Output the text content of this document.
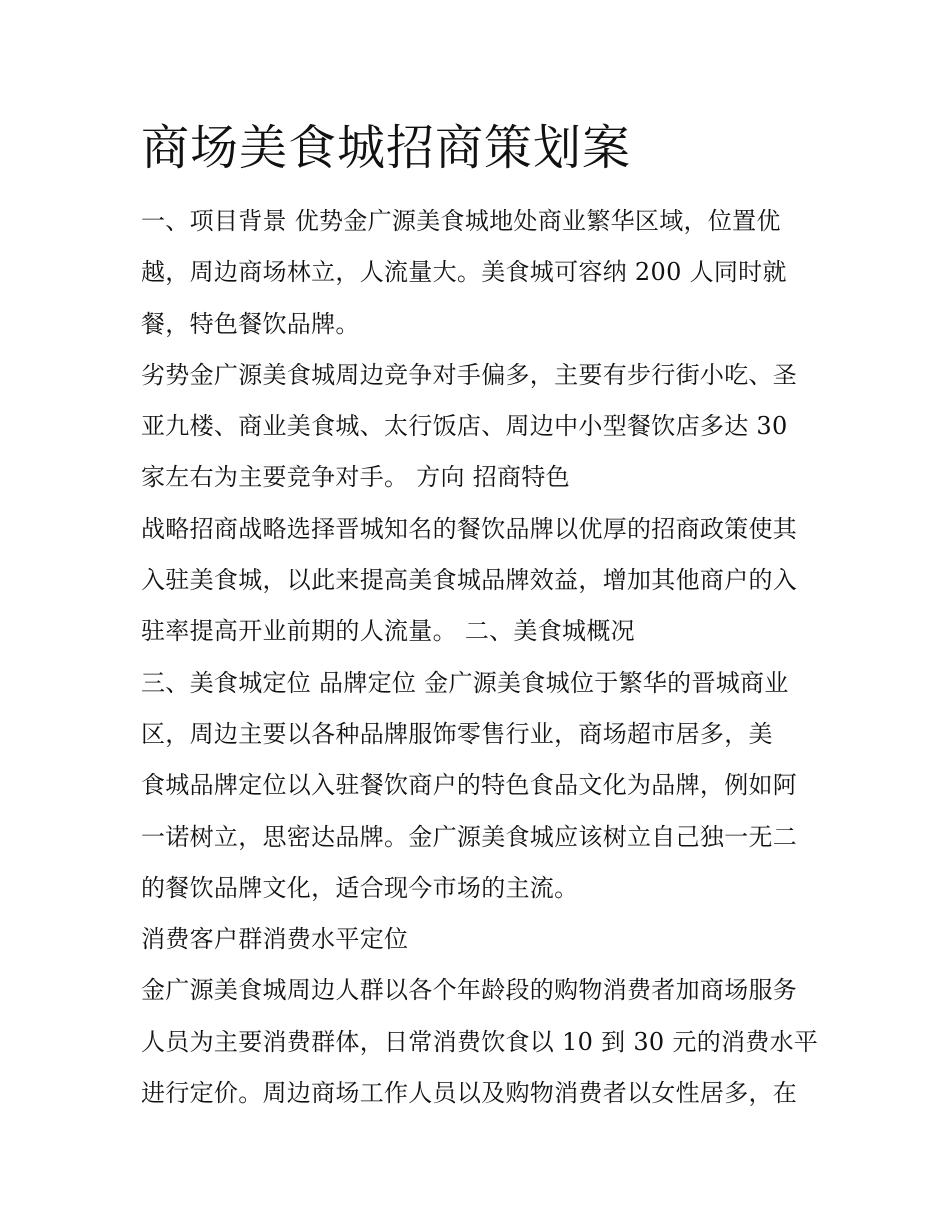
商场美食城招商策划案
一、项目背景 优势金广源美食城地处商业繁华区域，位置优
越，周边商场林立，人流量大。美食城可容纳 200 人同时就
餐，特色餐饮品牌。
劣势金广源美食城周边竞争对手偏多，主要有步行街小吃、圣
亚九楼、商业美食城、太行饭店、周边中小型餐饮店多达 30
家左右为主要竞争对手。 方向 招商特色
战略招商战略选择晋城知名的餐饮品牌以优厚的招商政策使其
入驻美食城，以此来提高美食城品牌效益，增加其他商户的入
驻率提高开业前期的人流量。 二、美食城概况
三、美食城定位 品牌定位 金广源美食城位于繁华的晋城商业
区，周边主要以各种品牌服饰零售行业，商场超市居多，美
食城品牌定位以入驻餐饮商户的特色食品文化为品牌，例如阿
一诺树立，思密达品牌。金广源美食城应该树立自己独一无二
的餐饮品牌文化，适合现今市场的主流。
消费客户群消费水平定位
金广源美食城周边人群以各个年龄段的购物消费者加商场服务
人员为主要消费群体，日常消费饮食以 10 到 30 元的消费水平
进行定价。周边商场工作人员以及购物消费者以女性居多，在
